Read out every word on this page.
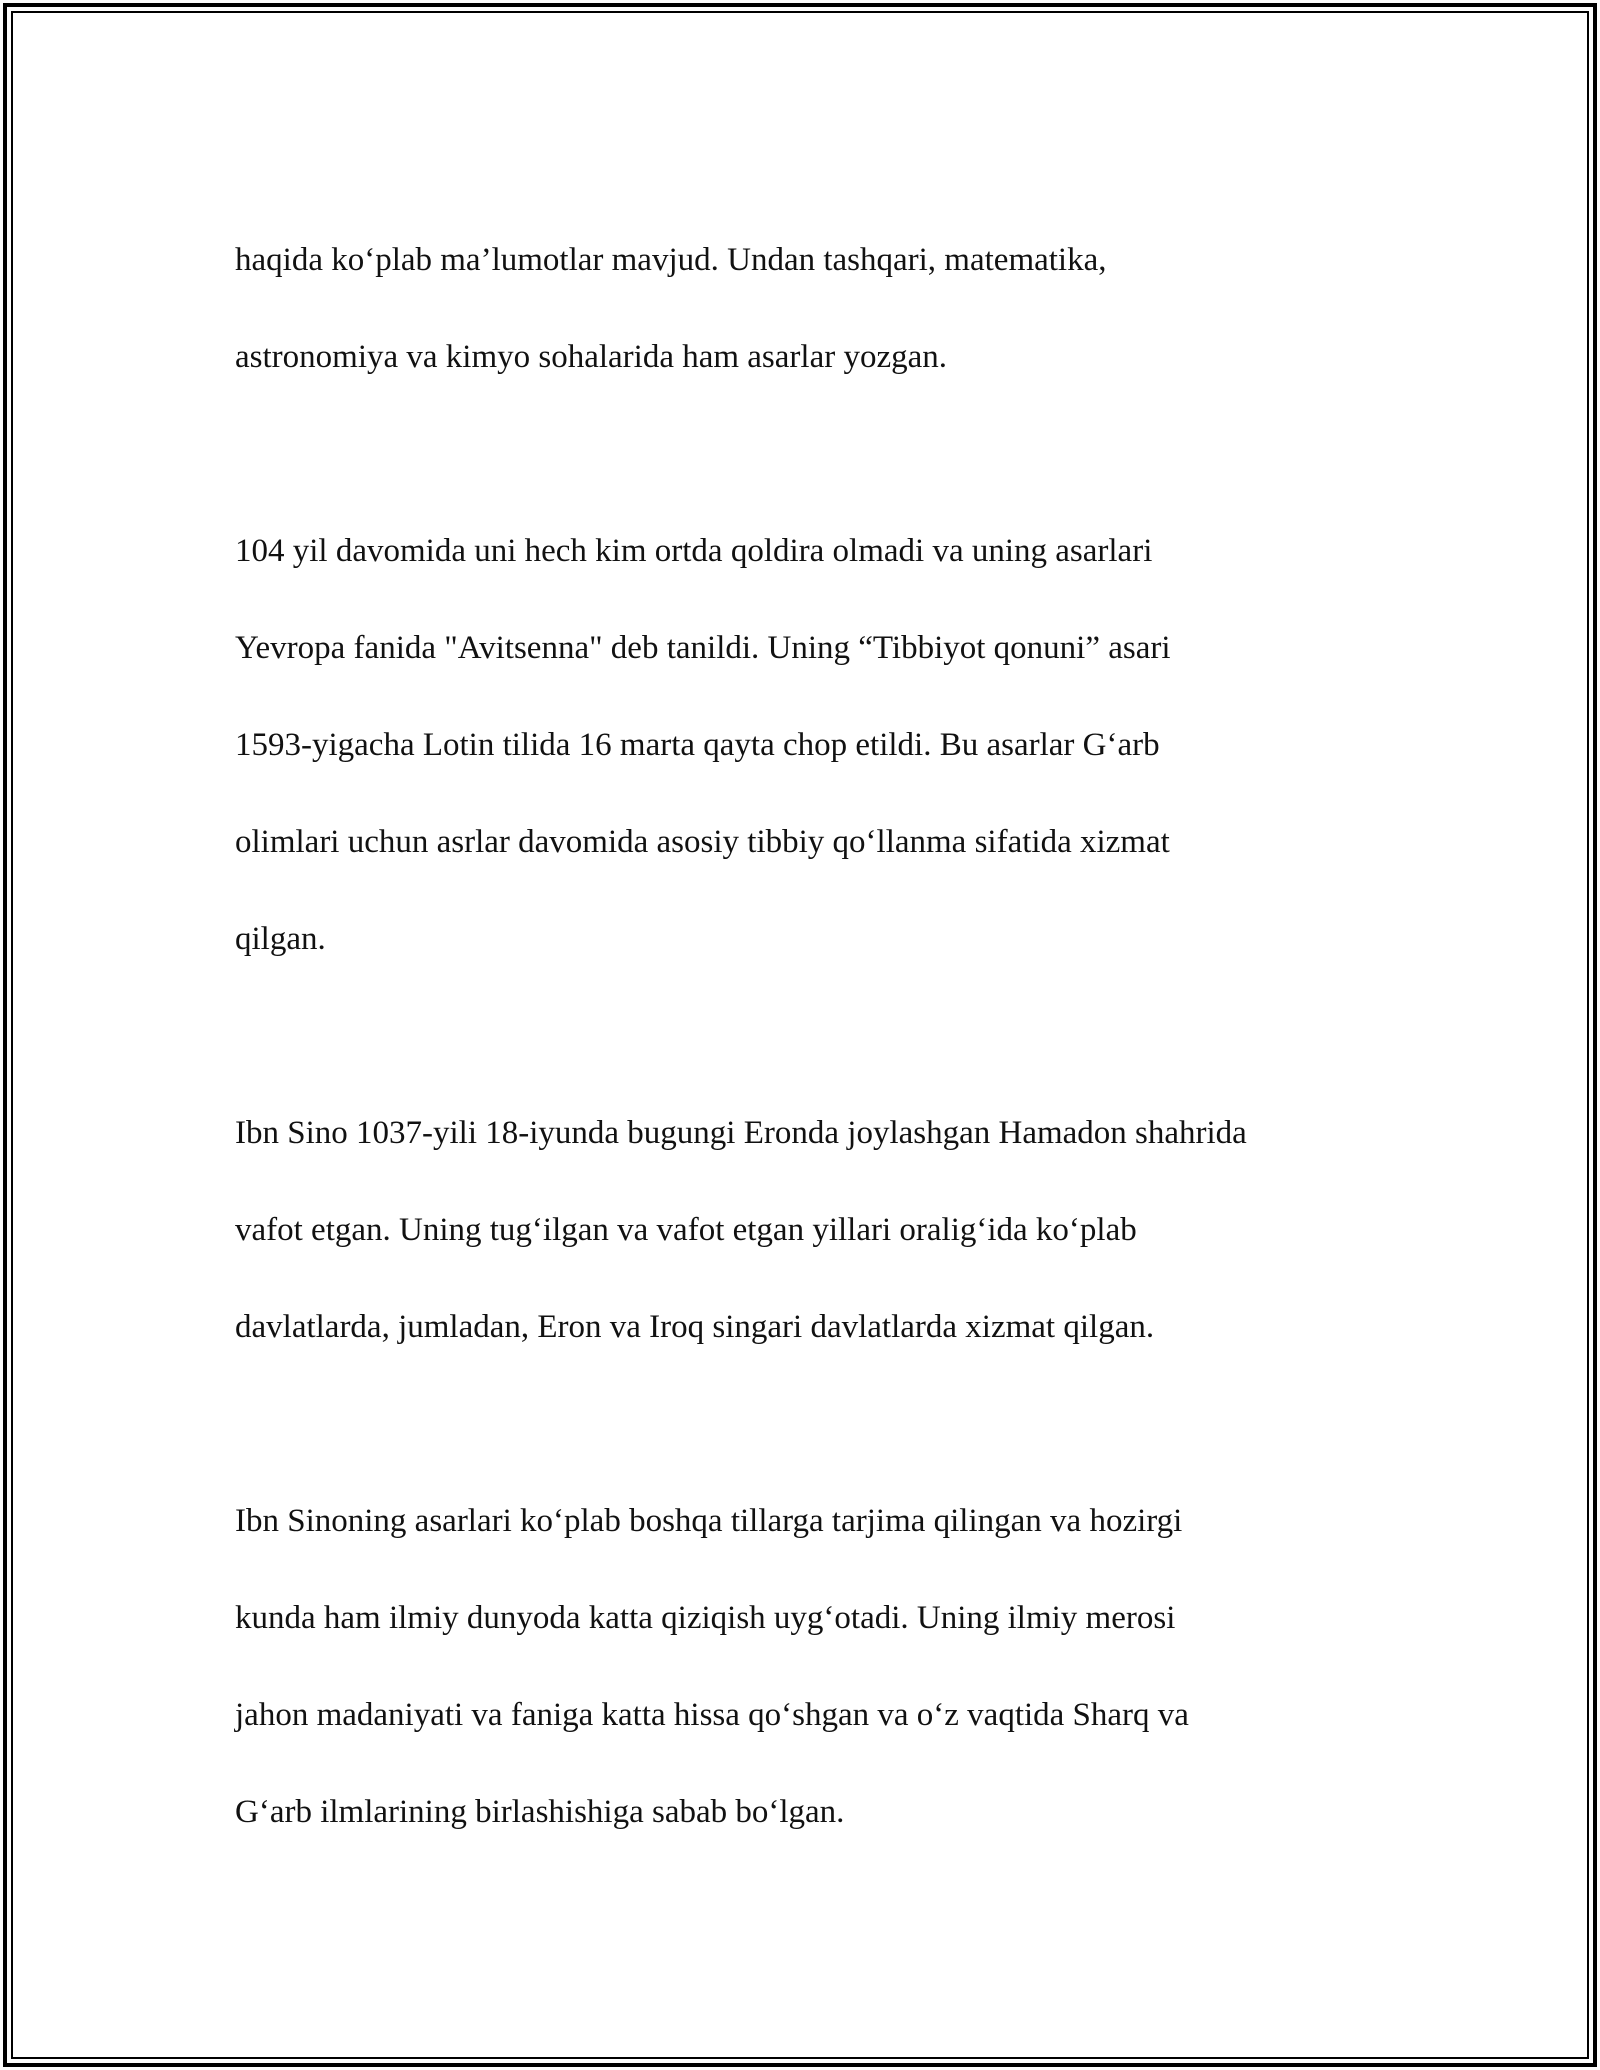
haqida ko‘plab ma’lumotlar mavjud. Undan tashqari, matematika,

astronomiya va kimyo sohalarida ham asarlar yozgan.

104 yil davomida uni hech kim ortda qoldira olmadi va uning asarlari

Yevropa fanida "Avitsenna" deb tanildi. Uning “Tibbiyot qonuni” asari

1593-yigacha Lotin tilida 16 marta qayta chop etildi. Bu asarlar G‘arb

olimlari uchun asrlar davomida asosiy tibbiy qo‘llanma sifatida xizmat

qilgan.

Ibn Sino 1037-yili 18-iyunda bugungi Eronda joylashgan Hamadon shahrida

vafot etgan. Uning tug‘ilgan va vafot etgan yillari oralig‘ida ko‘plab

davlatlarda, jumladan, Eron va Iroq singari davlatlarda xizmat qilgan.

Ibn Sinoning asarlari ko‘plab boshqa tillarga tarjima qilingan va hozirgi

kunda ham ilmiy dunyoda katta qiziqish uyg‘otadi. Uning ilmiy merosi

jahon madaniyati va faniga katta hissa qo‘shgan va o‘z vaqtida Sharq va

G‘arb ilmlarining birlashishiga sabab bo‘lgan.
